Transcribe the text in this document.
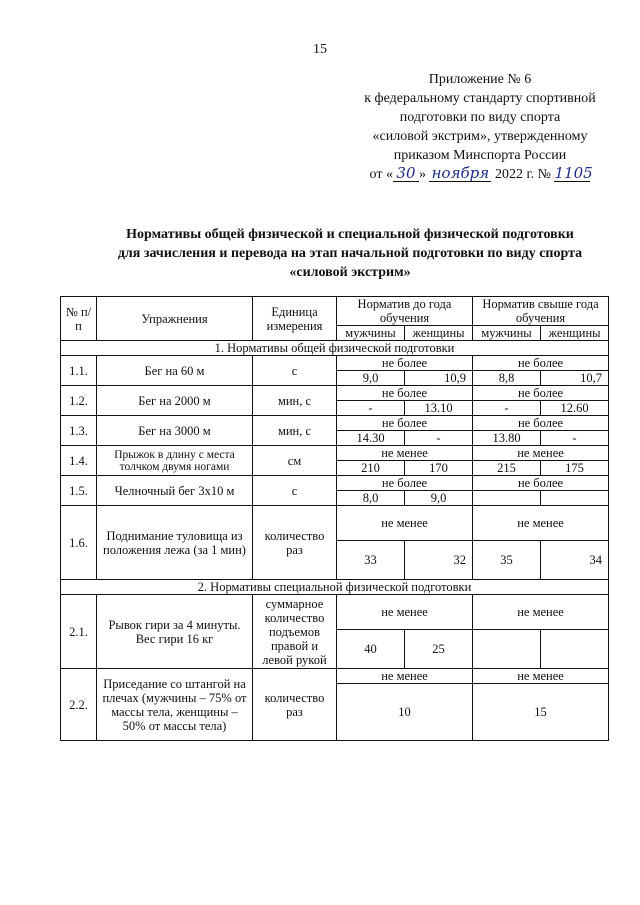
15
Приложение № 6
к федеральному стандарту спортивной
подготовки по виду спорта
«силовой экстрим», утвержденному
приказом Минспорта России
от « 30 » ноября 2022 г. № 1105
Нормативы общей физической и специальной физической подготовки
для зачисления и перевода на этап начальной подготовки по виду спорта
«силовой экстрим»
№ п/п	Упражнения	Единица измерения	Норматив до года обучения		Норматив свыше года обучения	
			мужчины	женщины	мужчины	женщины
1. Нормативы общей физической подготовки						
1.1.	Бег на 60 м	с	не более		не более	
			9,0	10,9	8,8	10,7
1.2.	Бег на 2000 м	мин, с	не более		не более	
			-	13.10	-	12.60
1.3.	Бег на 3000 м	мин, с	не более		не более	
			14.30	-	13.80	-
1.4.	Прыжок в длину с места толчком двумя ногами	см	не менее		не менее	
			210	170	215	175
1.5.	Челночный бег 3х10 м	с	не более		не более	
			8,0	9,0		
1.6.	Поднимание туловища из положения лежа (за 1 мин)	количество раз	не менее		не менее	
			33	32	35	34
2. Нормативы специальной физической подготовки						
2.1.	Рывок гири за 4 минуты. Вес гири 16 кг	суммарное количество подъемов правой и левой рукой	не менее		не менее	
			40	25		
2.2.	Приседание со штангой на плечах (мужчины – 75% от массы тела, женщины – 50% от массы тела)	количество раз	не менее		не менее	
			10		15	
